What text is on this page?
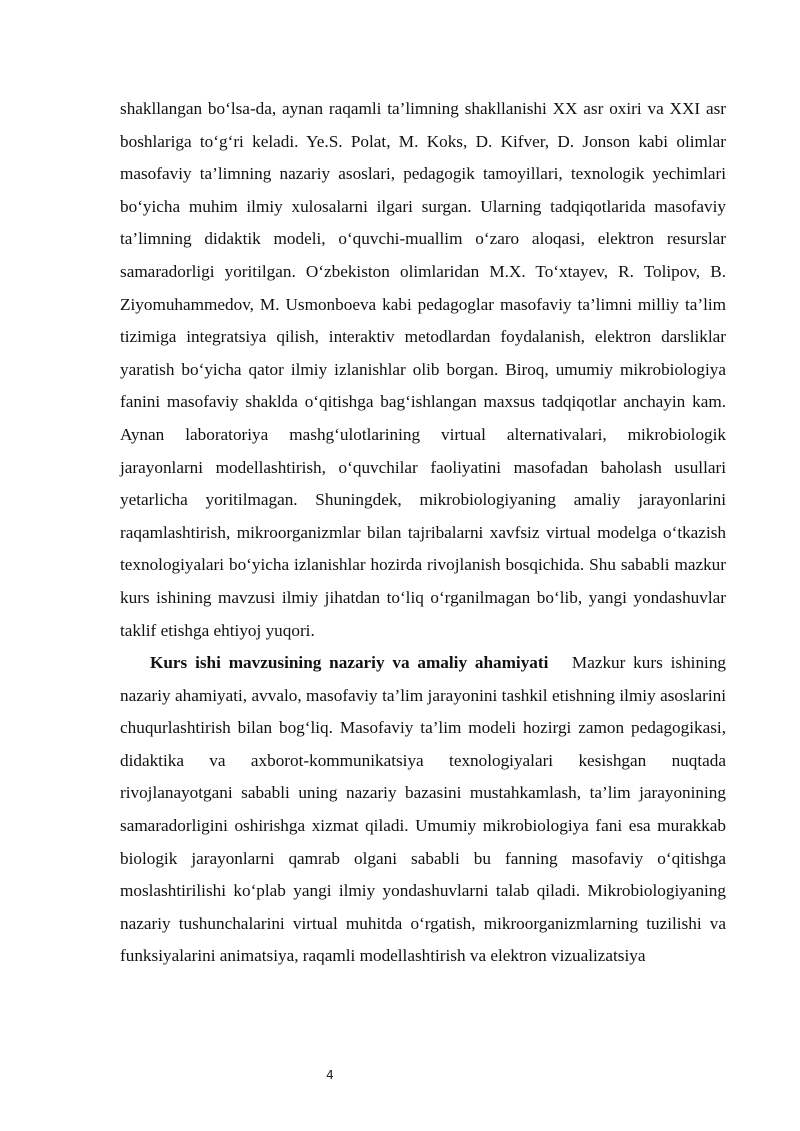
shakllangan bo‘lsa-da, aynan raqamli ta’limning shakllanishi XX asr oxiri va XXI asr boshlariga to‘g‘ri keladi. Ye.S. Polat, M. Koks, D. Kifver, D. Jonson kabi olimlar masofaviy ta’limning nazariy asoslari, pedagogik tamoyillari, texnologik yechimlari bo‘yicha muhim ilmiy xulosalarni ilgari surgan. Ularning tadqiqotlarida masofaviy ta’limning didaktik modeli, o‘quvchi-muallim o‘zaro aloqasi, elektron resurslar samaradorligi yoritilgan. O‘zbekiston olimlaridan M.X. To‘xtayev, R. Tolipov, B. Ziyomuhammedov, M. Usmonboeva kabi pedagoglar masofaviy ta’limni milliy ta’lim tizimiga integratsiya qilish, interaktiv metodlardan foydalanish, elektron darsliklar yaratish bo‘yicha qator ilmiy izlanishlar olib borgan. Biroq, umumiy mikrobiologiya fanini masofaviy shaklda o‘qitishga bag‘ishlangan maxsus tadqiqotlar anchayin kam. Aynan laboratoriya mashg‘ulotlarining virtual alternativalari, mikrobiologik jarayonlarni modellashtirish, o‘quvchilar faoliyatini masofadan baholash usullari yetarlicha yoritilmagan. Shuningdek, mikrobiologiyaning amaliy jarayonlarini raqamlashtirish, mikroorganizmlar bilan tajribalarni xavfsiz virtual modelga o‘tkazish texnologiyalari bo‘yicha izlanishlar hozirda rivojlanish bosqichida. Shu sababli mazkur kurs ishining mavzusi ilmiy jihatdan to‘liq o‘rganilmagan bo‘lib, yangi yondashuvlar taklif etishga ehtiyoj yuqori.

Kurs ishi mavzusining nazariy va amaliy ahamiyati Mazkur kurs ishining nazariy ahamiyati, avvalo, masofaviy ta’lim jarayonini tashkil etishning ilmiy asoslarini chuqurlashtirish bilan bog‘liq. Masofaviy ta’lim modeli hozirgi zamon pedagogikasi, didaktika va axborot-kommunikatsiya texnologiyalari kesishgan nuqtada rivojlanayotgani sababli uning nazariy bazasini mustahkamlash, ta’lim jarayonining samaradorligini oshirishga xizmat qiladi. Umumiy mikrobiologiya fani esa murakkab biologik jarayonlarni qamrab olgani sababli bu fanning masofaviy o‘qitishga moslashtirilishi ko‘plab yangi ilmiy yondashuvlarni talab qiladi. Mikrobiologiyaning nazariy tushunchalarini virtual muhitda o‘rgatish, mikroorganizmlarning tuzilishi va funksiyalarini animatsiya, raqamli modellashtirish va elektron vizualizatsiya

4
